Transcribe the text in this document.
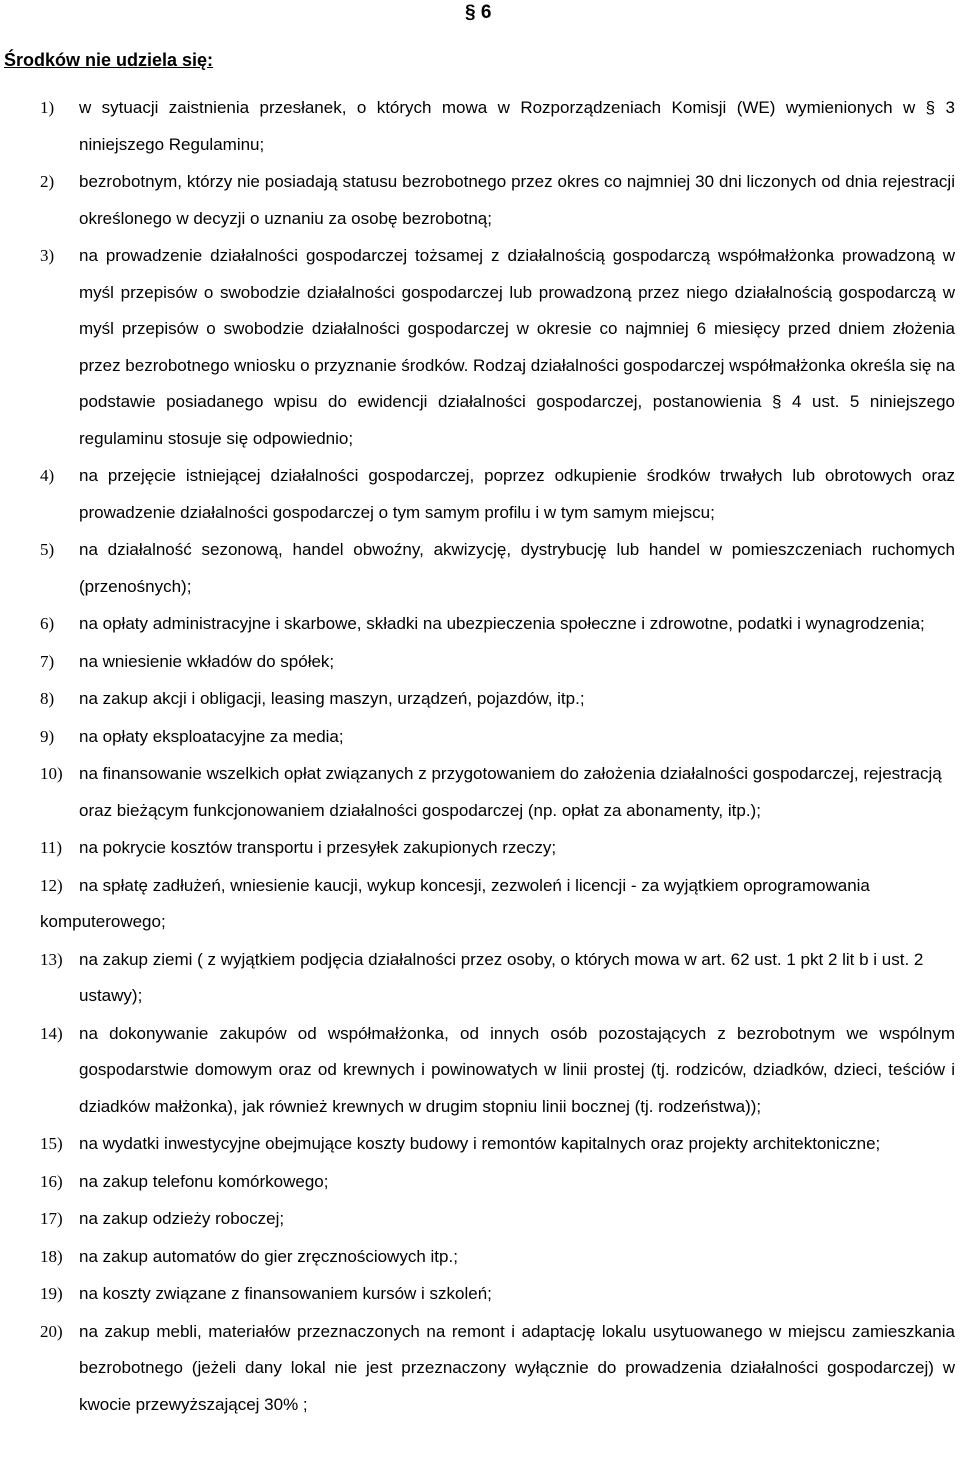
§ 6
Środków nie udziela się:
1) w sytuacji zaistnienia przesłanek, o których mowa w Rozporządzeniach Komisji (WE) wymienionych w § 3 niniejszego Regulaminu;
2) bezrobotnym, którzy nie posiadają statusu bezrobotnego przez okres co najmniej 30 dni liczonych od dnia rejestracji określonego w decyzji o uznaniu za osobę bezrobotną;
3) na prowadzenie działalności gospodarczej tożsamej z działalnością gospodarczą współmałżonka prowadzoną w myśl przepisów o swobodzie działalności gospodarczej lub prowadzoną przez niego działalnością gospodarczą w myśl przepisów o swobodzie działalności gospodarczej w okresie co najmniej 6 miesięcy przed dniem złożenia przez bezrobotnego wniosku o przyznanie środków. Rodzaj działalności gospodarczej współmałżonka określa się na podstawie posiadanego wpisu do ewidencji działalności gospodarczej, postanowienia § 4 ust. 5 niniejszego regulaminu stosuje się odpowiednio;
4) na przejęcie istniejącej działalności gospodarczej, poprzez odkupienie środków trwałych lub obrotowych oraz prowadzenie działalności gospodarczej o tym samym profilu i w tym samym miejscu;
5) na działalność sezonową, handel obwoźny, akwizycję, dystrybucję lub handel w pomieszczeniach ruchomych (przenośnych);
6) na opłaty administracyjne i skarbowe, składki na ubezpieczenia społeczne i zdrowotne, podatki i wynagrodzenia;
7) na wniesienie wkładów do spółek;
8) na zakup akcji i obligacji, leasing maszyn, urządzeń, pojazdów, itp.;
9) na opłaty eksploatacyjne za media;
10) na finansowanie wszelkich opłat związanych z przygotowaniem do założenia działalności gospodarczej, rejestracją oraz bieżącym funkcjonowaniem działalności gospodarczej (np. opłat za abonamenty, itp.);
11) na pokrycie kosztów transportu i przesyłek zakupionych rzeczy;
12) na spłatę zadłużeń, wniesienie kaucji, wykup koncesji, zezwoleń i licencji - za wyjątkiem oprogramowania komputerowego;
13) na zakup ziemi ( z wyjątkiem podjęcia działalności przez osoby, o których mowa w art. 62 ust. 1 pkt 2 lit b i ust. 2 ustawy);
14) na dokonywanie zakupów od współmałżonka, od innych osób pozostających z bezrobotnym we wspólnym gospodarstwie domowym oraz od krewnych i powinowatych w linii prostej (tj. rodziców, dziadków, dzieci, teściów i dziadków małżonka), jak również krewnych w drugim stopniu linii bocznej (tj. rodzeństwa));
15) na wydatki inwestycyjne obejmujące koszty budowy i remontów kapitalnych oraz projekty architektoniczne;
16) na zakup telefonu komórkowego;
17) na zakup odzieży roboczej;
18) na zakup automatów do gier zręcznościowych itp.;
19) na koszty związane z finansowaniem kursów i szkoleń;
20) na zakup mebli, materiałów przeznaczonych na remont i adaptację lokalu usytuowanego w miejscu zamieszkania bezrobotnego (jeżeli dany lokal nie jest przeznaczony wyłącznie do prowadzenia działalności gospodarczej) w kwocie przewyższającej 30% ;
